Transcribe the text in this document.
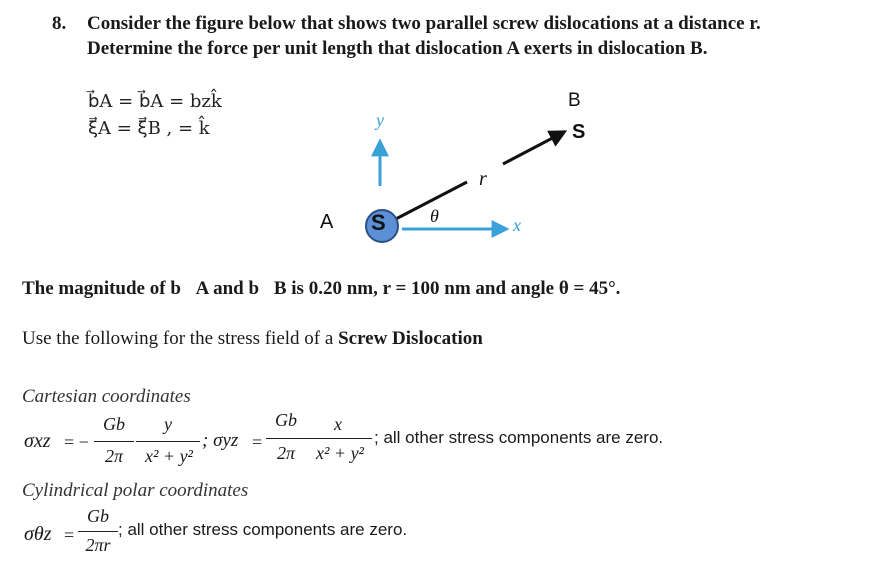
8. Consider the figure below that shows two parallel screw dislocations at a distance r.
Determine the force per unit length that dislocation A exerts in dislocation B.
b⃗A = b⃗A = bzk̂
ξ⃗A = ξ⃗B , = k̂
S
A
B
S
y
x
r
θ
The magnitude of b⃗A and b⃗B is 0.20 nm, r = 100 nm and angle θ = 45°.
Use the following for the stress field of a Screw Dislocation
Cartesian coordinates
σxz = −
Gb
2π
y
x² + y²
; σyz =
Gb
2π
x
x² + y²
; all other stress components are zero.
Cylindrical polar coordinates
σθz =
Gb
2πr
; all other stress components are zero.
